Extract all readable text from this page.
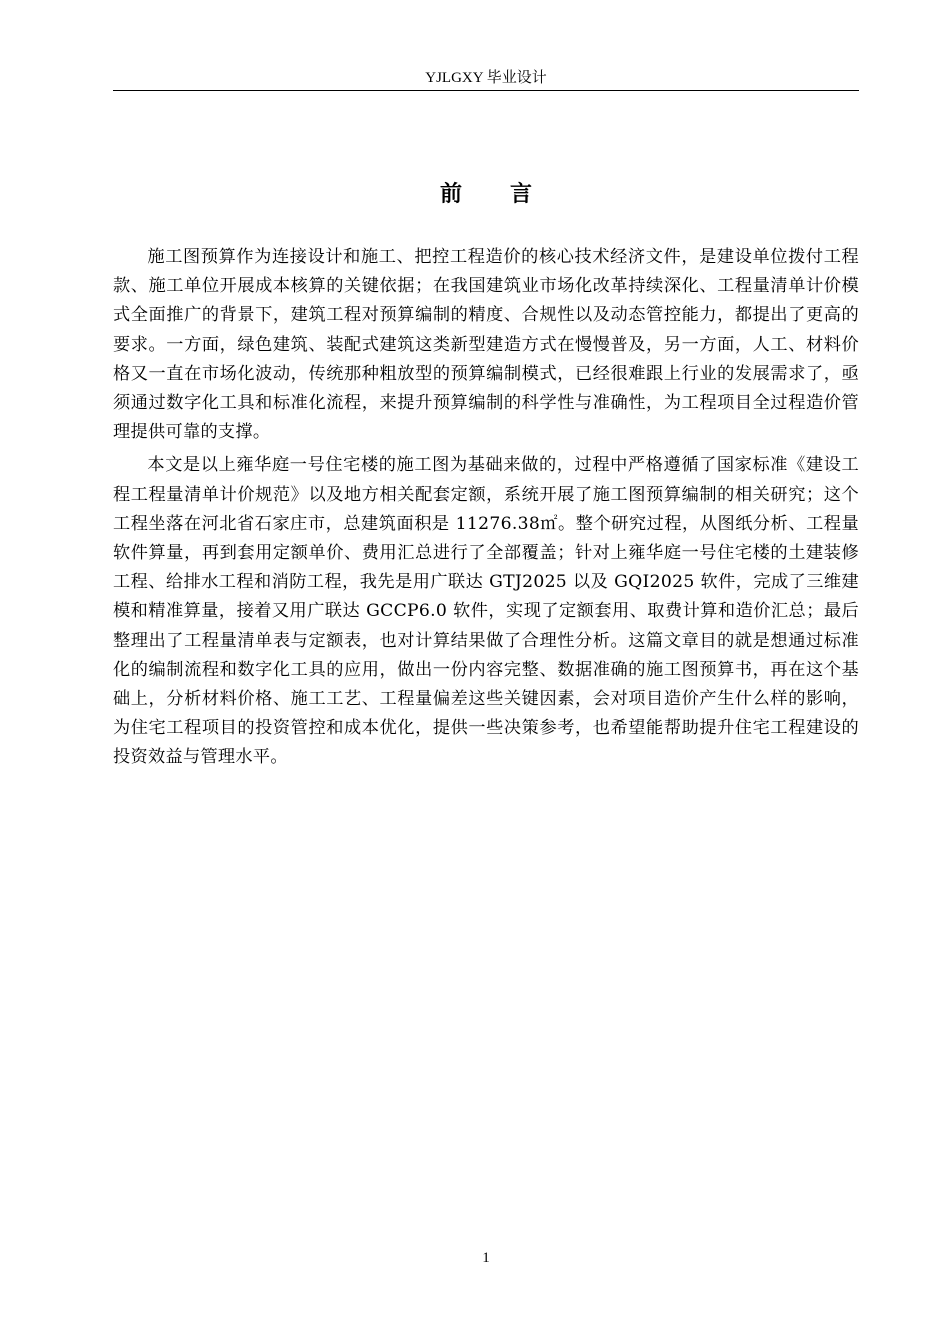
YJLGXY 毕业设计
前言

施工图预算作为连接设计和施工、把控工程造价的核心技术经济文件，是建设单位拨付工程款、施工单位开展成本核算的关键依据；在我国建筑业市场化改革持续深化、工程量清单计价模式全面推广的背景下，建筑工程对预算编制的精度、合规性以及动态管控能力，都提出了更高的要求。一方面，绿色建筑、装配式建筑这类新型建造方式在慢慢普及，另一方面，人工、材料价格又一直在市场化波动，传统那种粗放型的预算编制模式，已经很难跟上行业的发展需求了，亟须通过数字化工具和标准化流程，来提升预算编制的科学性与准确性，为工程项目全过程造价管理提供可靠的支撑。

本文是以上雍华庭一号住宅楼的施工图为基础来做的，过程中严格遵循了国家标准《建设工程工程量清单计价规范》以及地方相关配套定额，系统开展了施工图预算编制的相关研究；这个工程坐落在河北省石家庄市，总建筑面积是 11276.38㎡。整个研究过程，从图纸分析、工程量软件算量，再到套用定额单价、费用汇总进行了全部覆盖；针对上雍华庭一号住宅楼的土建装修工程、给排水工程和消防工程，我先是用广联达 GTJ2025 以及 GQI2025 软件，完成了三维建模和精准算量，接着又用广联达 GCCP6.0 软件，实现了定额套用、取费计算和造价汇总；最后整理出了工程量清单表与定额表，也对计算结果做了合理性分析。这篇文章目的就是想通过标准化的编制流程和数字化工具的应用，做出一份内容完整、数据准确的施工图预算书，再在这个基础上，分析材料价格、施工工艺、工程量偏差这些关键因素，会对项目造价产生什么样的影响，为住宅工程项目的投资管控和成本优化，提供一些决策参考，也希望能帮助提升住宅工程建设的投资效益与管理水平。

1
